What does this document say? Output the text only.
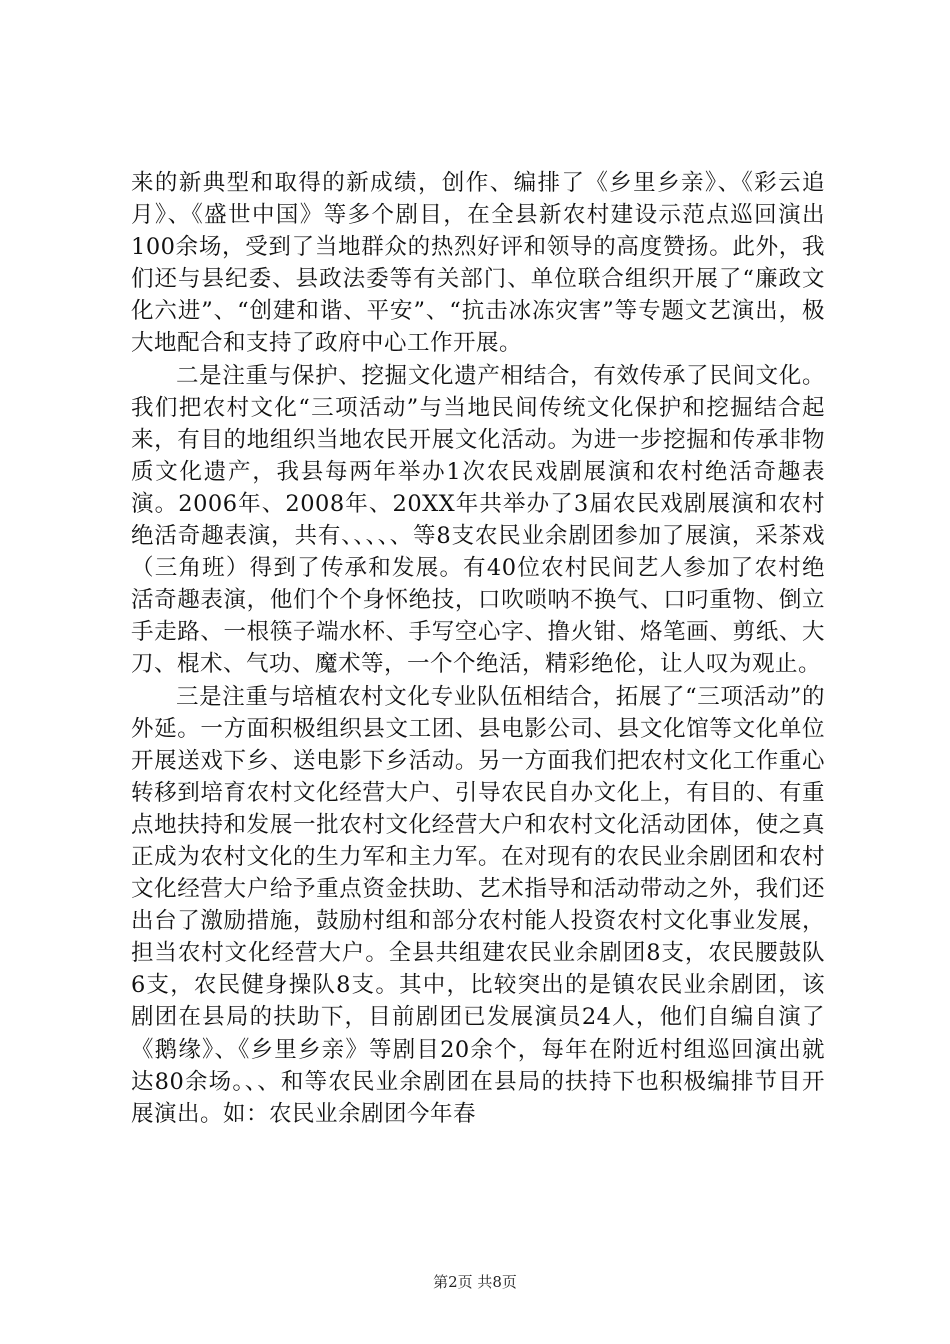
来的新典型和取得的新成绩，创作、编排了《乡里乡亲》、《彩云追月》、《盛世中国》等多个剧目，在全县新农村建设示范点巡回演出100余场，受到了当地群众的热烈好评和领导的高度赞扬。此外，我们还与县纪委、县政法委等有关部门、单位联合组织开展了“廉政文化六进”、“创建和谐、平安”、“抗击冰冻灾害”等专题文艺演出，极大地配合和支持了政府中心工作开展。

二是注重与保护、挖掘文化遗产相结合，有效传承了民间文化。我们把农村文化“三项活动”与当地民间传统文化保护和挖掘结合起来，有目的地组织当地农民开展文化活动。为进一步挖掘和传承非物质文化遗产，我县每两年举办1次农民戏剧展演和农村绝活奇趣表演。2006年、2008年、20XX年共举办了3届农民戏剧展演和农村绝活奇趣表演，共有、、、、、等8支农民业余剧团参加了展演，采茶戏（三角班）得到了传承和发展。有40位农村民间艺人参加了农村绝活奇趣表演，他们个个身怀绝技，口吹唢呐不换气、口叼重物、倒立手走路、一根筷子端水杯、手写空心字、撸火钳、烙笔画、剪纸、大刀、棍术、气功、魔术等，一个个绝活，精彩绝伦，让人叹为观止。

三是注重与培植农村文化专业队伍相结合，拓展了“三项活动”的外延。一方面积极组织县文工团、县电影公司、县文化馆等文化单位开展送戏下乡、送电影下乡活动。另一方面我们把农村文化工作重心转移到培育农村文化经营大户、引导农民自办文化上，有目的、有重点地扶持和发展一批农村文化经营大户和农村文化活动团体，使之真正成为农村文化的生力军和主力军。在对现有的农民业余剧团和农村文化经营大户给予重点资金扶助、艺术指导和活动带动之外，我们还出台了激励措施，鼓励村组和部分农村能人投资农村文化事业发展，担当农村文化经营大户。全县共组建农民业余剧团8支，农民腰鼓队6支，农民健身操队8支。其中，比较突出的是镇农民业余剧团，该剧团在县局的扶助下，目前剧团已发展演员24人，他们自编自演了《鹅缘》、《乡里乡亲》等剧目20余个，每年在附近村组巡回演出就达80余场。、、和等农民业余剧团在县局的扶持下也积极编排节目开展演出。如：农民业余剧团今年春

第2页 共8页
